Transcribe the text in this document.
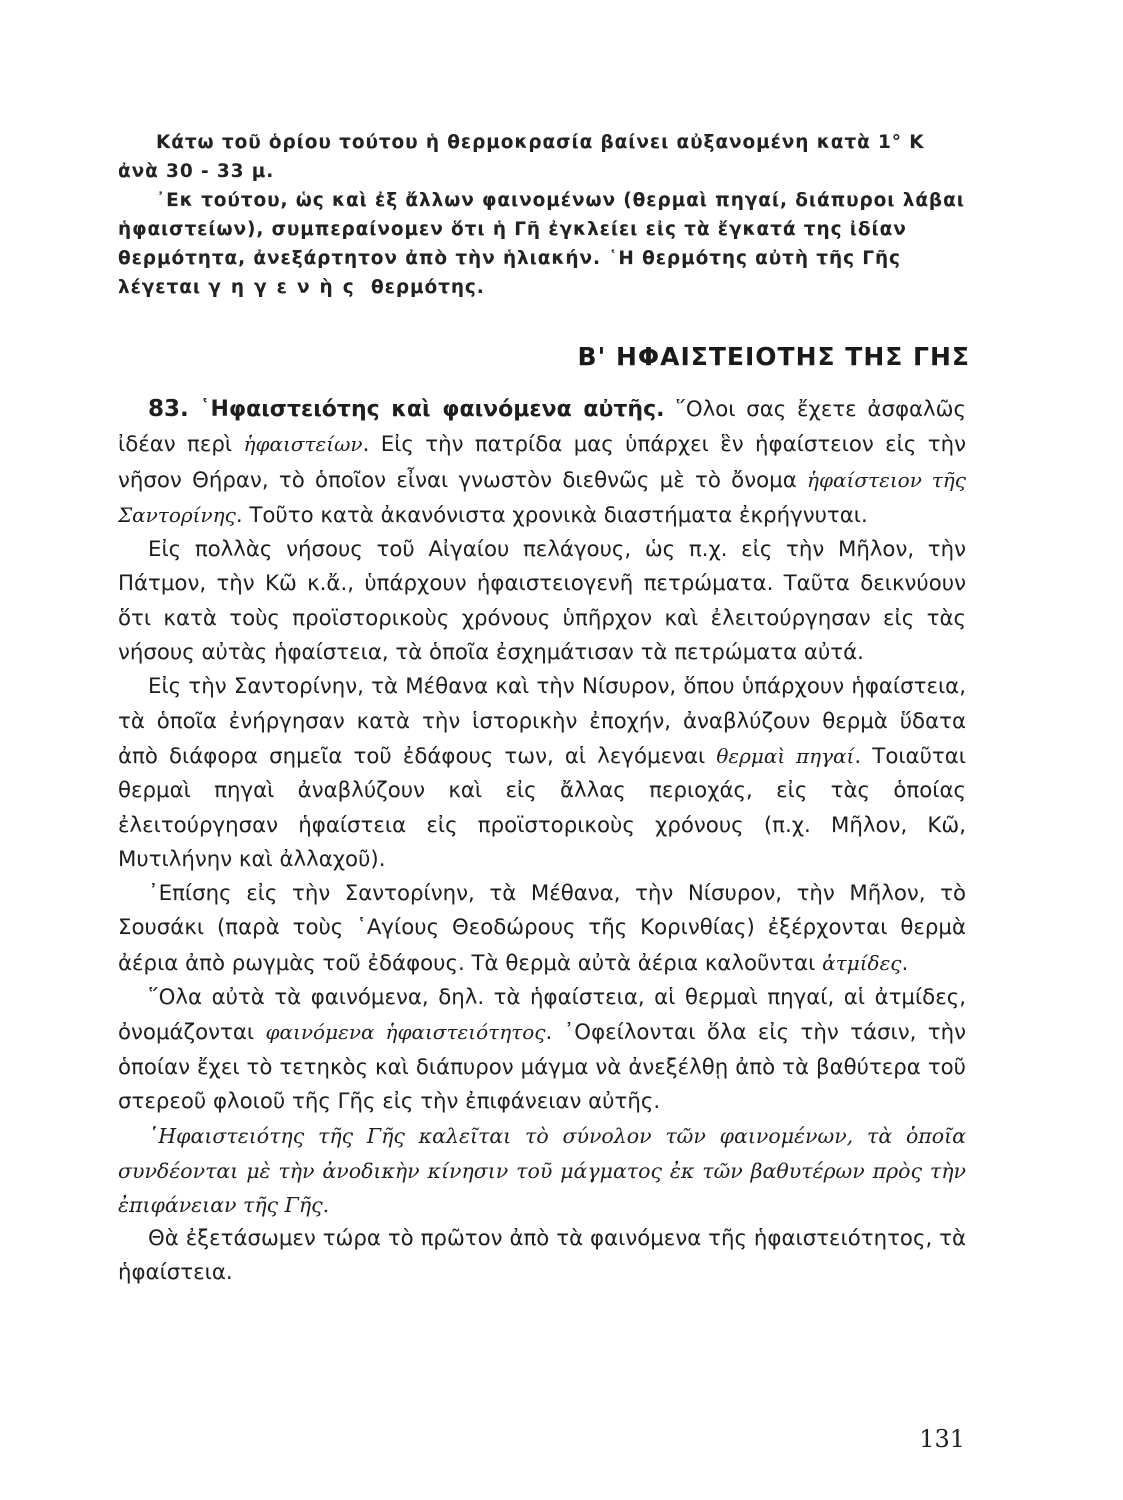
Κάτω τοῦ ὁρίου τούτου ἡ θερμοκρασία βαίνει αὐξανομένη κατὰ 1° Κ ἀνὰ 30 - 33 μ.

᾿Εκ τούτου, ὡς καὶ ἐξ ἄλλων φαινομένων (θερμαὶ πηγαί, διάπυροι λάβαι ἡφαιστείων), συμπεραίνομεν ὅτι ἡ Γῆ ἐγκλείει εἰς τὰ ἔγκατά της ἰδίαν θερμότητα, ἀνεξάρτητον ἀπὸ τὴν ἡλιακήν. ῾Η θερμότης αὐτὴ τῆς Γῆς λέγεται γηγενὴς θερμότης.

Β' ΗΦΑΙΣΤΕΙΟΤΗΣ ΤΗΣ ΓΗΣ

83. ῾Ηφαιστειότης καὶ φαινόμενα αὐτῆς. ῞Ολοι σας ἔχετε ἀσφαλῶς ἰδέαν περὶ ἡφαιστείων. Εἰς τὴν πατρίδα μας ὑπάρχει ἓν ἡφαίστειον εἰς τὴν νῆσον Θήραν, τὸ ὁποῖον εἶναι γνωστὸν διεθνῶς μὲ τὸ ὄνομα ἡφαίστειον τῆς Σαντορίνης. Τοῦτο κατὰ ἀκανόνιστα χρονικὰ διαστήματα ἐκρήγνυται.

Εἰς πολλὰς νήσους τοῦ Αἰγαίου πελάγους, ὡς π.χ. εἰς τὴν Μῆλον, τὴν Πάτμον, τὴν Κῶ κ.ἄ., ὑπάρχουν ἡφαιστειογενῆ πετρώματα. Ταῦτα δεικνύουν ὅτι κατὰ τοὺς προϊστορικοὺς χρόνους ὑπῆρχον καὶ ἐλειτούργησαν εἰς τὰς νήσους αὐτὰς ἡφαίστεια, τὰ ὁποῖα ἐσχημάτισαν τὰ πετρώματα αὐτά.

Εἰς τὴν Σαντορίνην, τὰ Μέθανα καὶ τὴν Νίσυρον, ὅπου ὑπάρχουν ἡφαίστεια, τὰ ὁποῖα ἐνήργησαν κατὰ τὴν ἱστορικὴν ἐποχήν, ἀναβλύζουν θερμὰ ὕδατα ἀπὸ διάφορα σημεῖα τοῦ ἐδάφους των, αἱ λεγόμεναι θερμαὶ πηγαί. Τοιαῦται θερμαὶ πηγαὶ ἀναβλύζουν καὶ εἰς ἄλλας περιοχάς, εἰς τὰς ὁποίας ἐλειτούργησαν ἡφαίστεια εἰς προϊστορικοὺς χρόνους (π.χ. Μῆλον, Κῶ, Μυτιλήνην καὶ ἀλλαχοῦ).

᾿Επίσης εἰς τὴν Σαντορίνην, τὰ Μέθανα, τὴν Νίσυρον, τὴν Μῆλον, τὸ Σουσάκι (παρὰ τοὺς ῾Αγίους Θεοδώρους τῆς Κορινθίας) ἐξέρχονται θερμὰ ἀέρια ἀπὸ ρωγμὰς τοῦ ἐδάφους. Τὰ θερμὰ αὐτὰ ἀέρια καλοῦνται ἀτμίδες.

῞Ολα αὐτὰ τὰ φαινόμενα, δηλ. τὰ ἡφαίστεια, αἱ θερμαὶ πηγαί, αἱ ἀτμίδες, ὀνομάζονται φαινόμενα ἡφαιστειότητος. ᾿Οφείλονται ὅλα εἰς τὴν τάσιν, τὴν ὁποίαν ἔχει τὸ τετηκὸς καὶ διάπυρον μάγμα νὰ ἀνεξέλθῃ ἀπὸ τὰ βαθύτερα τοῦ στερεοῦ φλοιοῦ τῆς Γῆς εἰς τὴν ἐπιφάνειαν αὐτῆς.

῾Ηφαιστειότης τῆς Γῆς καλεῖται τὸ σύνολον τῶν φαινομένων, τὰ ὁποῖα συνδέονται μὲ τὴν ἀνοδικὴν κίνησιν τοῦ μάγματος ἐκ τῶν βαθυτέρων πρὸς τὴν ἐπιφάνειαν τῆς Γῆς.

Θὰ ἐξετάσωμεν τώρα τὸ πρῶτον ἀπὸ τὰ φαινόμενα τῆς ἡφαιστειότητος, τὰ ἡφαίστεια.

131
